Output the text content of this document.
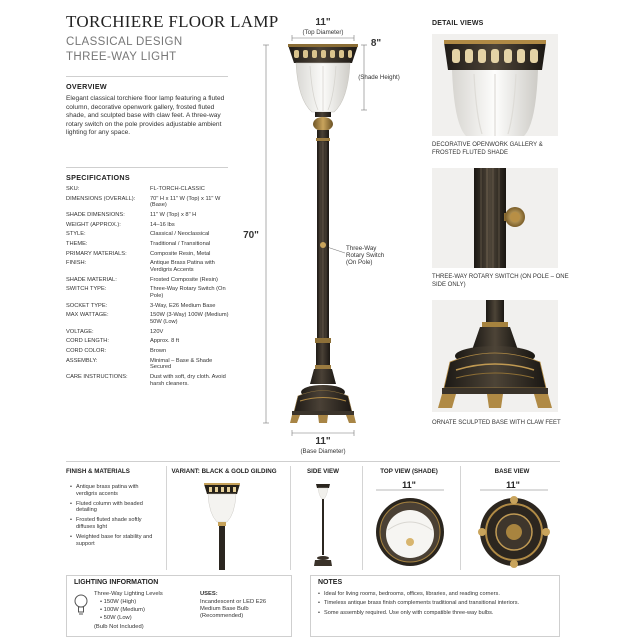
TORCHIERE FLOOR LAMP
CLASSICAL DESIGN
THREE-WAY LIGHT
OVERVIEW
Elegant classical torchiere floor lamp featuring a fluted column, decorative openwork gallery, frosted fluted shade, and sculpted base with claw feet. A three-way rotary switch on the pole provides adjustable ambient lighting for any space.
SPECIFICATIONS
SKU:	FL-TORCH-CLASSIC
DIMENSIONS (OVERALL):	70" H x 11" W (Top) x 11" W (Base)
SHADE DIMENSIONS:	11" W (Top) x 8" H
WEIGHT (APPROX.):	14–16 lbs
STYLE:	Classical / Neoclassical
THEME:	Traditional / Transitional
PRIMARY MATERIALS:	Composite Resin, Metal
FINISH:	Antique Brass Patina with Verdigris Accents
SHADE MATERIAL:	Frosted Composite (Resin)
SWITCH TYPE:	Three-Way Rotary Switch (On Pole)
SOCKET TYPE:	3-Way, E26 Medium Base
MAX WATTAGE:	150W (3-Way) 100W (Medium) 50W (Low)
VOLTAGE:	120V
CORD LENGTH:	Approx. 8 ft
CORD COLOR:	Brown
ASSEMBLY:	Minimal – Base & Shade Secured
CARE INSTRUCTIONS:	Dust with soft, dry cloth. Avoid harsh cleaners.
11"
(Top Diameter)
8"
(Shade Height)
70"
Three-Way Rotary Switch (On Pole)
11"
(Base Diameter)
DETAIL VIEWS
DECORATIVE OPENWORK GALLERY & FROSTED FLUTED SHADE
THREE-WAY ROTARY SWITCH (ON POLE – ONE SIDE ONLY)
ORNATE SCULPTED BASE WITH CLAW FEET
FINISH & MATERIALS
• Antique brass patina with verdigris accents
• Fluted column with beaded detailing
• Frosted fluted shade softly diffuses light
• Weighted base for stability and support
VARIANT: BLACK & GOLD GILDING	SIDE VIEW	TOP VIEW (SHADE)
11"
BASE VIEW
11"
LIGHTING INFORMATION
Three-Way Lighting Levels
• 150W (High)
• 100W (Medium)
• 50W (Low)
(Bulb Not Included)
USES:
Incandescent or LED E26 Medium Base Bulb (Recommended)
NOTES
• Ideal for living rooms, bedrooms, offices, libraries, and reading corners.
• Timeless antique brass finish complements traditional and transitional interiors.
• Some assembly required. Use only with compatible three-way bulbs.
